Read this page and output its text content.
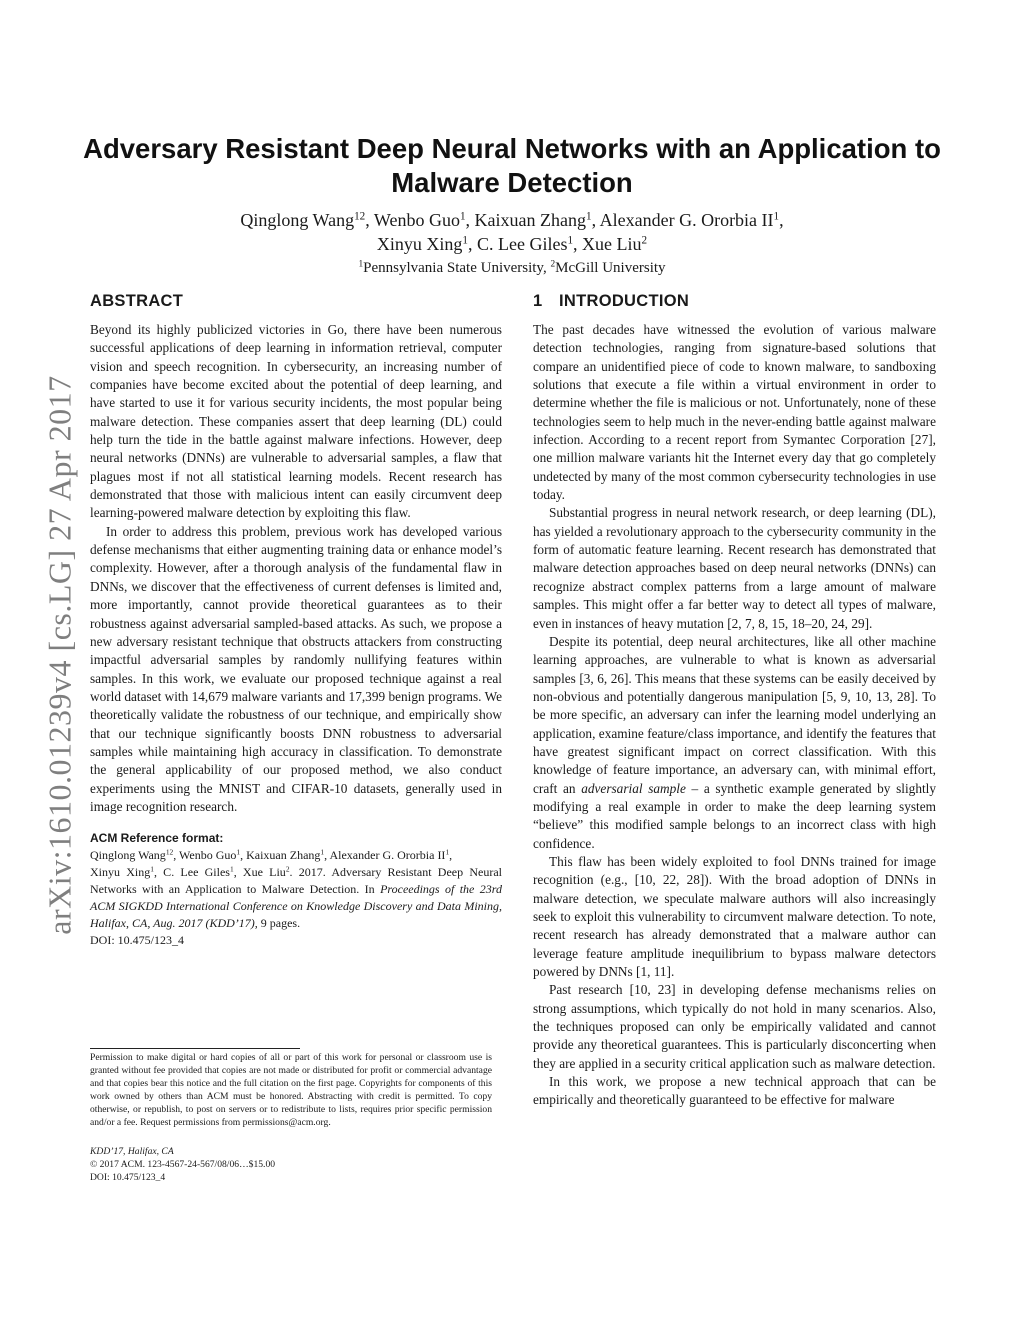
arXiv:1610.01239v4 [cs.LG] 27 Apr 2017
Adversary Resistant Deep Neural Networks with an Application to Malware Detection
Qinglong Wang$^{12}$, Wenbo Guo$^1$, Kaixuan Zhang$^1$, Alexander G. Ororbia $II^1$,
Xinyu Xing$^1$, C. Lee Giles$^1$, Xue Liu$^2$
$^1$Pennsylvania State University, $^2$McGill University
ABSTRACT

Beyond its highly publicized victories in Go, there have been numerous successful applications of deep learning in information retrieval, computer vision and speech recognition. In cybersecurity, an increasing number of companies have become excited about the potential of deep learning, and have started to use it for various security incidents, the most popular being malware detection. These companies assert that deep learning (DL) could help turn the tide in the battle against malware infections. However, deep neural networks (DNNs) are vulnerable to adversarial samples, a flaw that plagues most if not all statistical learning models. Recent research has demonstrated that those with malicious intent can easily circumvent deep learning-powered malware detection by exploiting this flaw.

In order to address this problem, previous work has developed various defense mechanisms that either augmenting training data or enhance model’s complexity. However, after a thorough analysis of the fundamental flaw in DNNs, we discover that the effectiveness of current defenses is limited and, more importantly, cannot provide theoretical guarantees as to their robustness against adversarial sampled-based attacks. As such, we propose a new adversary resistant technique that obstructs attackers from constructing impactful adversarial samples by randomly nullifying features within samples. In this work, we evaluate our proposed technique against a real world dataset with 14,679 malware variants and 17,399 benign programs. We theoretically validate the robustness of our technique, and empirically show that our technique significantly boosts DNN robustness to adversarial samples while maintaining high accuracy in classification. To demonstrate the general applicability of our proposed method, we also conduct experiments using the MNIST and CIFAR-10 datasets, generally used in image recognition research.

ACM Reference format:

Qinglong Wang$^{12}$, Wenbo Guo$^1$, Kaixuan Zhang$^1$, Alexander G. Ororbia $II^1$,
Xinyu Xing$^1$, C. Lee Giles$^1$, Xue Liu$^2$. 2017. Adversary Resistant Deep Neural Networks with an Application to Malware Detection. In Proceedings of the 23rd ACM SIGKDD International Conference on Knowledge Discovery and Data Mining, Halifax, CA, Aug. 2017 (KDD’17), 9 pages.

DOI: 10.475/123_4

Permission to make digital or hard copies of all or part of this work for personal or classroom use is granted without fee provided that copies are not made or distributed for profit or commercial advantage and that copies bear this notice and the full citation on the first page. Copyrights for components of this work owned by others than ACM must be honored. Abstracting with credit is permitted. To copy otherwise, or republish, to post on servers or to redistribute to lists, requires prior specific permission and/or a fee. Request permissions from permissions@acm.org.

KDD’17, Halifax, CA

© 2017 ACM. 123-4567-24-567/08/06…$15.00

DOI: 10.475/123_4

1 INTRODUCTION

The past decades have witnessed the evolution of various malware detection technologies, ranging from signature-based solutions that compare an unidentified piece of code to known malware, to sandboxing solutions that execute a file within a virtual environment in order to determine whether the file is malicious or not. Unfortunately, none of these technologies seem to help much in the never-ending battle against malware infection. According to a recent report from Symantec Corporation [27], one million malware variants hit the Internet every day that go completely undetected by many of the most common cybersecurity technologies in use today.

Substantial progress in neural network research, or deep learning (DL), has yielded a revolutionary approach to the cybersecurity community in the form of automatic feature learning. Recent research has demonstrated that malware detection approaches based on deep neural networks (DNNs) can recognize abstract complex patterns from a large amount of malware samples. This might offer a far better way to detect all types of malware, even in instances of heavy mutation [2, 7, 8, 15, 18–20, 24, 29].

Despite its potential, deep neural architectures, like all other machine learning approaches, are vulnerable to what is known as adversarial samples [3, 6, 26]. This means that these systems can be easily deceived by non-obvious and potentially dangerous manipulation [5, 9, 10, 13, 28]. To be more specific, an adversary can infer the learning model underlying an application, examine feature/class importance, and identify the features that have greatest significant impact on correct classification. With this knowledge of feature importance, an adversary can, with minimal effort, craft an adversarial sample – a synthetic example generated by slightly modifying a real example in order to make the deep learning system “believe” this modified sample belongs to an incorrect class with high confidence.

This flaw has been widely exploited to fool DNNs trained for image recognition (e.g., [10, 22, 28]). With the broad adoption of DNNs in malware detection, we speculate malware authors will also increasingly seek to exploit this vulnerability to circumvent malware detection. To note, recent research has already demonstrated that a malware author can leverage feature amplitude inequilibrium to bypass malware detectors powered by DNNs [1, 11].

Past research [10, 23] in developing defense mechanisms relies on strong assumptions, which typically do not hold in many scenarios. Also, the techniques proposed can only be empirically validated and cannot provide any theoretical guarantees. This is particularly disconcerting when they are applied in a security critical application such as malware detection.

In this work, we propose a new technical approach that can be empirically and theoretically guaranteed to be effective for malware
